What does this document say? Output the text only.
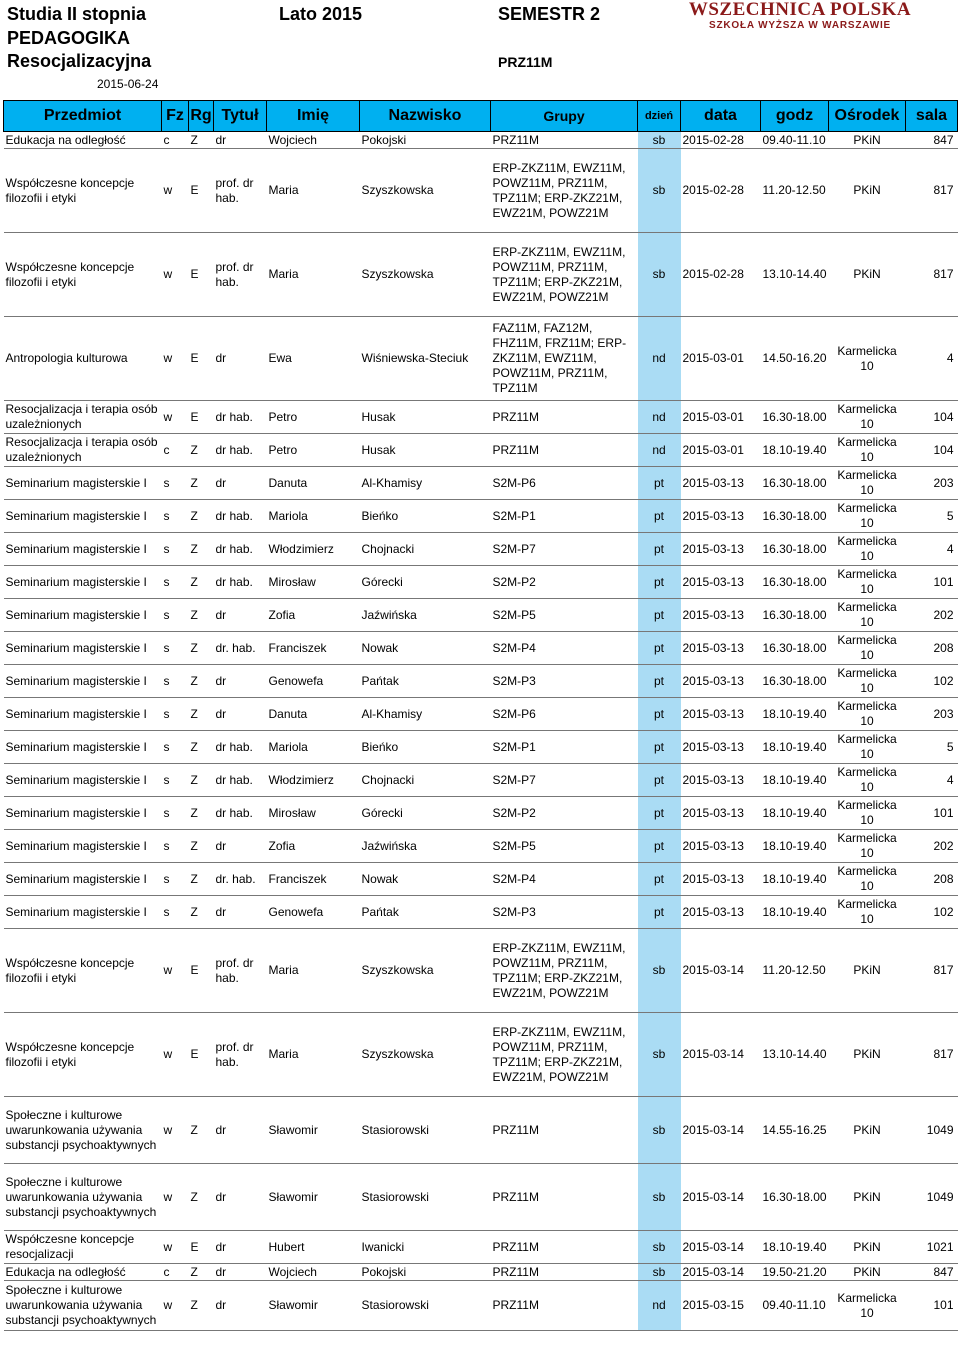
Studia II stopnia	Lato 2015	SEMESTR 2
PEDAGOGIKA
Resocjalizacyjna	PRZ11M
2015-06-24
WSZECHNICA POLSKA
SZKOŁA WYŻSZA W WARSZAWIE
Przedmiot	Fz	Rg	Tytuł	Imię	Nazwisko	Grupy	dzień	data	godz	Ośrodek	sala
Edukacja na odległość	c	Z	dr	Wojciech	Pokojski	PRZ11M	sb	2015-02-28	09.40-11.10	PKiN	847
Współczesne koncepcje filozofii i etyki	w	E	prof. dr hab.	Maria	Szyszkowska	ERP-ZKZ11M, EWZ11M, POWZ11M, PRZ11M, TPZ11M; ERP-ZKZ21M, EWZ21M, POWZ21M	sb	2015-02-28	11.20-12.50	PKiN	817
Współczesne koncepcje filozofii i etyki	w	E	prof. dr hab.	Maria	Szyszkowska	ERP-ZKZ11M, EWZ11M, POWZ11M, PRZ11M, TPZ11M; ERP-ZKZ21M, EWZ21M, POWZ21M	sb	2015-02-28	13.10-14.40	PKiN	817
Antropologia kulturowa	w	E	dr	Ewa	Wiśniewska-Steciuk	FAZ11M, FAZ12M, FHZ11M, FRZ11M; ERP-ZKZ11M, EWZ11M, POWZ11M, PRZ11M, TPZ11M	nd	2015-03-01	14.50-16.20	Karmelicka 10	4
Resocjalizacja i terapia osób uzależnionych	w	E	dr hab.	Petro	Husak	PRZ11M	nd	2015-03-01	16.30-18.00	Karmelicka 10	104
Resocjalizacja i terapia osób uzależnionych	c	Z	dr hab.	Petro	Husak	PRZ11M	nd	2015-03-01	18.10-19.40	Karmelicka 10	104
Seminarium magisterskie I	s	Z	dr	Danuta	Al-Khamisy	S2M-P6	pt	2015-03-13	16.30-18.00	Karmelicka 10	203
Seminarium magisterskie I	s	Z	dr hab.	Mariola	Bieńko	S2M-P1	pt	2015-03-13	16.30-18.00	Karmelicka 10	5
Seminarium magisterskie I	s	Z	dr hab.	Włodzimierz	Chojnacki	S2M-P7	pt	2015-03-13	16.30-18.00	Karmelicka 10	4
Seminarium magisterskie I	s	Z	dr hab.	Mirosław	Górecki	S2M-P2	pt	2015-03-13	16.30-18.00	Karmelicka 10	101
Seminarium magisterskie I	s	Z	dr	Zofia	Jaźwińska	S2M-P5	pt	2015-03-13	16.30-18.00	Karmelicka 10	202
Seminarium magisterskie I	s	Z	dr. hab.	Franciszek	Nowak	S2M-P4	pt	2015-03-13	16.30-18.00	Karmelicka 10	208
Seminarium magisterskie I	s	Z	dr	Genowefa	Pańtak	S2M-P3	pt	2015-03-13	16.30-18.00	Karmelicka 10	102
Seminarium magisterskie I	s	Z	dr	Danuta	Al-Khamisy	S2M-P6	pt	2015-03-13	18.10-19.40	Karmelicka 10	203
Seminarium magisterskie I	s	Z	dr hab.	Mariola	Bieńko	S2M-P1	pt	2015-03-13	18.10-19.40	Karmelicka 10	5
Seminarium magisterskie I	s	Z	dr hab.	Włodzimierz	Chojnacki	S2M-P7	pt	2015-03-13	18.10-19.40	Karmelicka 10	4
Seminarium magisterskie I	s	Z	dr hab.	Mirosław	Górecki	S2M-P2	pt	2015-03-13	18.10-19.40	Karmelicka 10	101
Seminarium magisterskie I	s	Z	dr	Zofia	Jaźwińska	S2M-P5	pt	2015-03-13	18.10-19.40	Karmelicka 10	202
Seminarium magisterskie I	s	Z	dr. hab.	Franciszek	Nowak	S2M-P4	pt	2015-03-13	18.10-19.40	Karmelicka 10	208
Seminarium magisterskie I	s	Z	dr	Genowefa	Pańtak	S2M-P3	pt	2015-03-13	18.10-19.40	Karmelicka 10	102
Współczesne koncepcje filozofii i etyki	w	E	prof. dr hab.	Maria	Szyszkowska	ERP-ZKZ11M, EWZ11M, POWZ11M, PRZ11M, TPZ11M; ERP-ZKZ21M, EWZ21M, POWZ21M	sb	2015-03-14	11.20-12.50	PKiN	817
Współczesne koncepcje filozofii i etyki	w	E	prof. dr hab.	Maria	Szyszkowska	ERP-ZKZ11M, EWZ11M, POWZ11M, PRZ11M, TPZ11M; ERP-ZKZ21M, EWZ21M, POWZ21M	sb	2015-03-14	13.10-14.40	PKiN	817
Społeczne i kulturowe uwarunkowania używania substancji psychoaktywnych	w	Z	dr	Sławomir	Stasiorowski	PRZ11M	sb	2015-03-14	14.55-16.25	PKiN	1049
Społeczne i kulturowe uwarunkowania używania substancji psychoaktywnych	w	Z	dr	Sławomir	Stasiorowski	PRZ11M	sb	2015-03-14	16.30-18.00	PKiN	1049
Współczesne koncepcje resocjalizacji	w	E	dr	Hubert	Iwanicki	PRZ11M	sb	2015-03-14	18.10-19.40	PKiN	1021
Edukacja na odległość	c	Z	dr	Wojciech	Pokojski	PRZ11M	sb	2015-03-14	19.50-21.20	PKiN	847
Społeczne i kulturowe uwarunkowania używania substancji psychoaktywnych	w	Z	dr	Sławomir	Stasiorowski	PRZ11M	nd	2015-03-15	09.40-11.10	Karmelicka 10	101
